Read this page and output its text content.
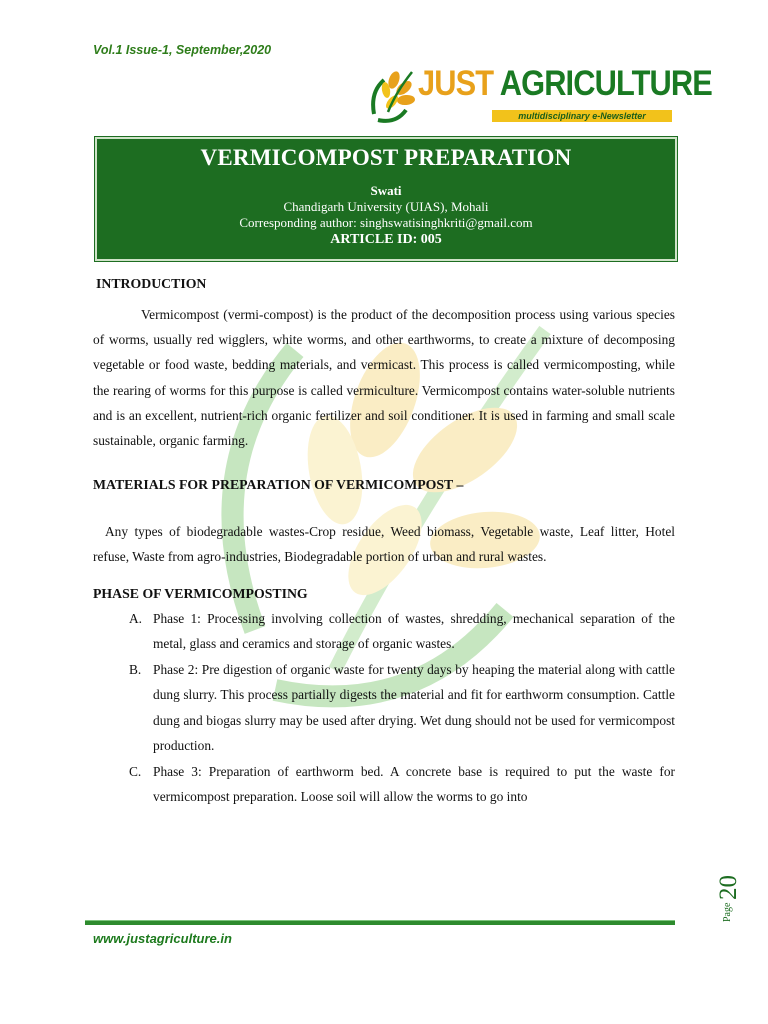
Vol.1 Issue-1, September,2020
JUST AGRICULTURE
multidisciplinary e-Newsletter
VERMICOMPOST PREPARATION
Swati
Chandigarh University (UIAS), Mohali
Corresponding author: singhswatisinghkriti@gmail.com
ARTICLE ID: 005
INTRODUCTION

Vermicompost (vermi-compost) is the product of the decomposition process using various species of worms, usually red wigglers, white worms, and other earthworms, to create a mixture of decomposing vegetable or food waste, bedding materials, and vermicast. This process is called vermicomposting, while the rearing of worms for this purpose is called vermiculture. Vermicompost contains water-soluble nutrients and is an excellent, nutrient-rich organic fertilizer and soil conditioner. It is used in farming and small scale sustainable, organic farming.

MATERIALS FOR PREPARATION OF VERMICOMPOST –

Any types of biodegradable wastes-Crop residue, Weed biomass, Vegetable waste, Leaf litter, Hotel refuse, Waste from agro-industries, Biodegradable portion of urban and rural wastes.

PHASE OF VERMICOMPOSTING
A. Phase 1: Processing involving collection of wastes, shredding, mechanical separation of the metal, glass and ceramics and storage of organic wastes.
B. Phase 2: Pre digestion of organic waste for twenty days by heaping the material along with cattle dung slurry. This process partially digests the material and fit for earthworm consumption. Cattle dung and biogas slurry may be used after drying. Wet dung should not be used for vermicompost production.
C. Phase 3: Preparation of earthworm bed. A concrete base is required to put the waste for vermicompost preparation. Loose soil will allow the worms to go into
Page
20
www.justagriculture.in
